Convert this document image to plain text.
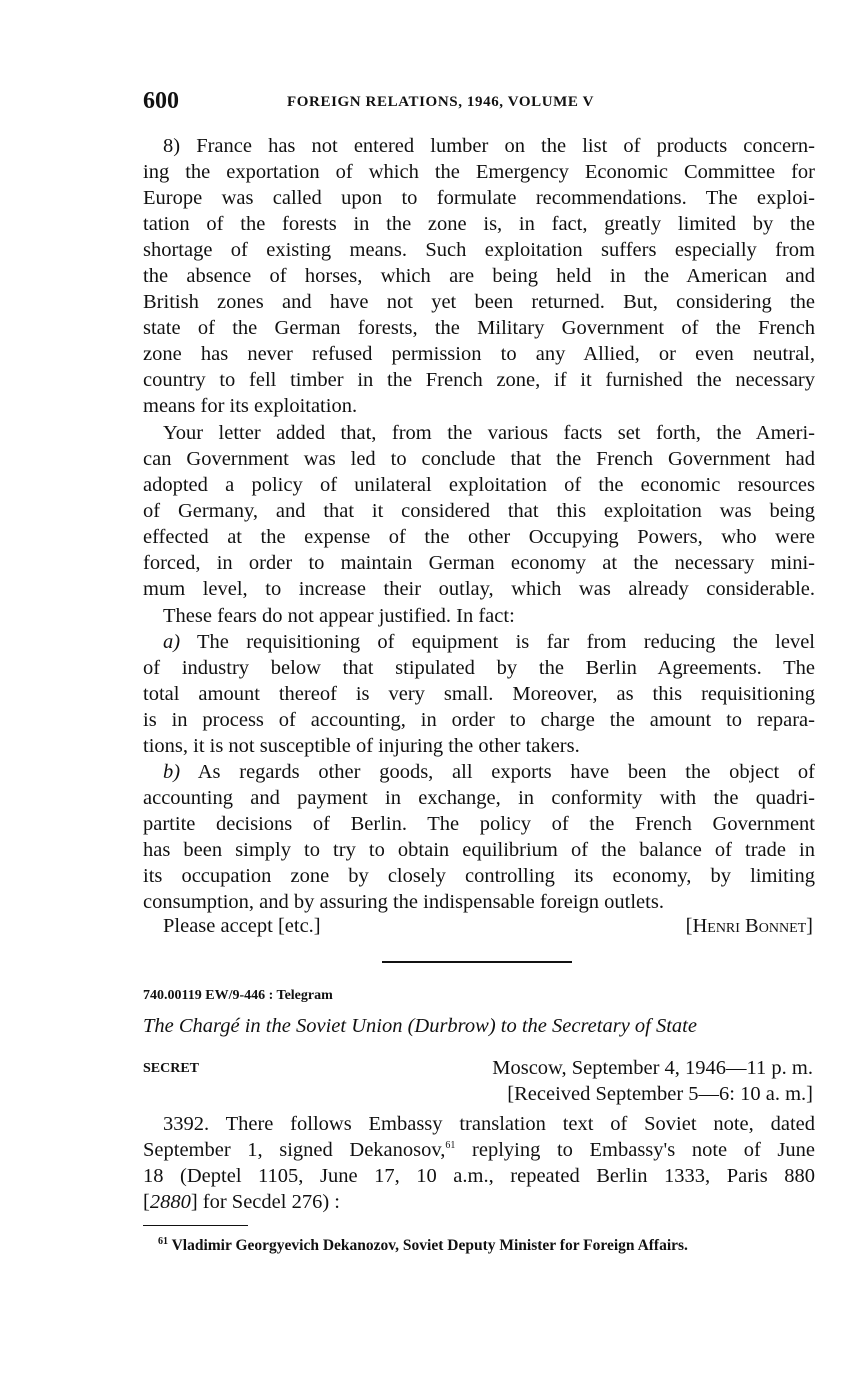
600	FOREIGN RELATIONS, 1946, VOLUME V
8) France has not entered lumber on the list of products concern-
ing the exportation of which the Emergency Economic Committee for
Europe was called upon to formulate recommendations. The exploi-
tation of the forests in the zone is, in fact, greatly limited by the
shortage of existing means. Such exploitation suffers especially from
the absence of horses, which are being held in the American and
British zones and have not yet been returned. But, considering the
state of the German forests, the Military Government of the French
zone has never refused permission to any Allied, or even neutral,
country to fell timber in the French zone, if it furnished the necessary
means for its exploitation.
Your letter added that, from the various facts set forth, the Ameri-
can Government was led to conclude that the French Government had
adopted a policy of unilateral exploitation of the economic resources
of Germany, and that it considered that this exploitation was being
effected at the expense of the other Occupying Powers, who were
forced, in order to maintain German economy at the necessary mini-
mum level, to increase their outlay, which was already considerable.
These fears do not appear justified. In fact:
a) The requisitioning of equipment is far from reducing the level
of industry below that stipulated by the Berlin Agreements. The
total amount thereof is very small. Moreover, as this requisitioning
is in process of accounting, in order to charge the amount to repara-
tions, it is not susceptible of injuring the other takers.
b) As regards other goods, all exports have been the object of
accounting and payment in exchange, in conformity with the quadri-
partite decisions of Berlin. The policy of the French Government
has been simply to try to obtain equilibrium of the balance of trade in
its occupation zone by closely controlling its economy, by limiting
consumption, and by assuring the indispensable foreign outlets.
Please accept [etc.]	[Henri Bonnet]
740.00119 EW/9-446 : Telegram
The Chargé in the Soviet Union (Durbrow) to the Secretary of State
SECRET	Moscow, September 4, 1946—11 p. m.
[Received September 5—6: 10 a. m.]
3392. There follows Embassy translation text of Soviet note, dated
September 1, signed Dekanosov,$^{61}$ replying to Embassy's note of June
18 (Deptel 1105, June 17, 10 a.m., repeated Berlin 1333, Paris 880
[2880] for Secdel 276) :
$^{61}$ Vladimir Georgyevich Dekanozov, Soviet Deputy Minister for Foreign Affairs.
